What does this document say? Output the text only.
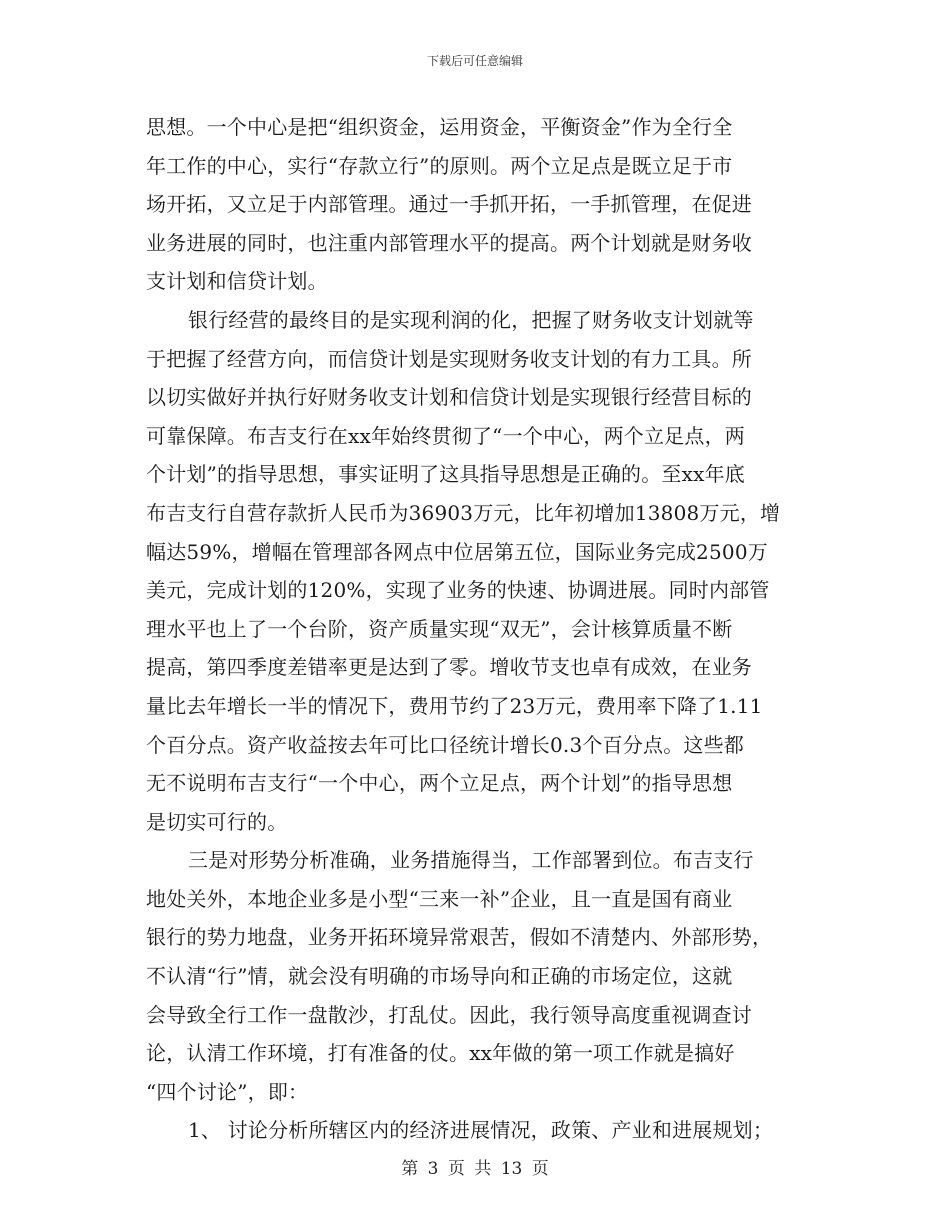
下载后可任意编辑
思想。一个中心是把“组织资金，运用资金，平衡资金”作为全行全
年工作的中心，实行“存款立行”的原则。两个立足点是既立足于市
场开拓，又立足于内部管理。通过一手抓开拓，一手抓管理，在促进
业务进展的同时，也注重内部管理水平的提高。两个计划就是财务收
支计划和信贷计划。
银行经营的最终目的是实现利润的化，把握了财务收支计划就等
于把握了经营方向，而信贷计划是实现财务收支计划的有力工具。所
以切实做好并执行好财务收支计划和信贷计划是实现银行经营目标的
可靠保障。布吉支行在xx年始终贯彻了“一个中心，两个立足点，两
个计划”的指导思想，事实证明了这具指导思想是正确的。至xx年底
布吉支行自营存款折人民币为36903万元，比年初增加13808万元，增
幅达59%，增幅在管理部各网点中位居第五位，国际业务完成2500万
美元，完成计划的120%，实现了业务的快速、协调进展。同时内部管
理水平也上了一个台阶，资产质量实现“双无”，会计核算质量不断
提高，第四季度差错率更是达到了零。增收节支也卓有成效，在业务
量比去年增长一半的情况下，费用节约了23万元，费用率下降了1.11
个百分点。资产收益按去年可比口径统计增长0.3个百分点。这些都
无不说明布吉支行“一个中心，两个立足点，两个计划”的指导思想
是切实可行的。
三是对形势分析准确，业务措施得当，工作部署到位。布吉支行
地处关外，本地企业多是小型“三来一补”企业，且一直是国有商业
银行的势力地盘，业务开拓环境异常艰苦，假如不清楚内、外部形势，
不认清“行”情，就会没有明确的市场导向和正确的市场定位，这就
会导致全行工作一盘散沙，打乱仗。因此，我行领导高度重视调查讨
论，认清工作环境，打有准备的仗。xx年做的第一项工作就是搞好
“四个讨论”，即：
1、 讨论分析所辖区内的经济进展情况，政策、产业和进展规划；
第 3 页 共 13 页
